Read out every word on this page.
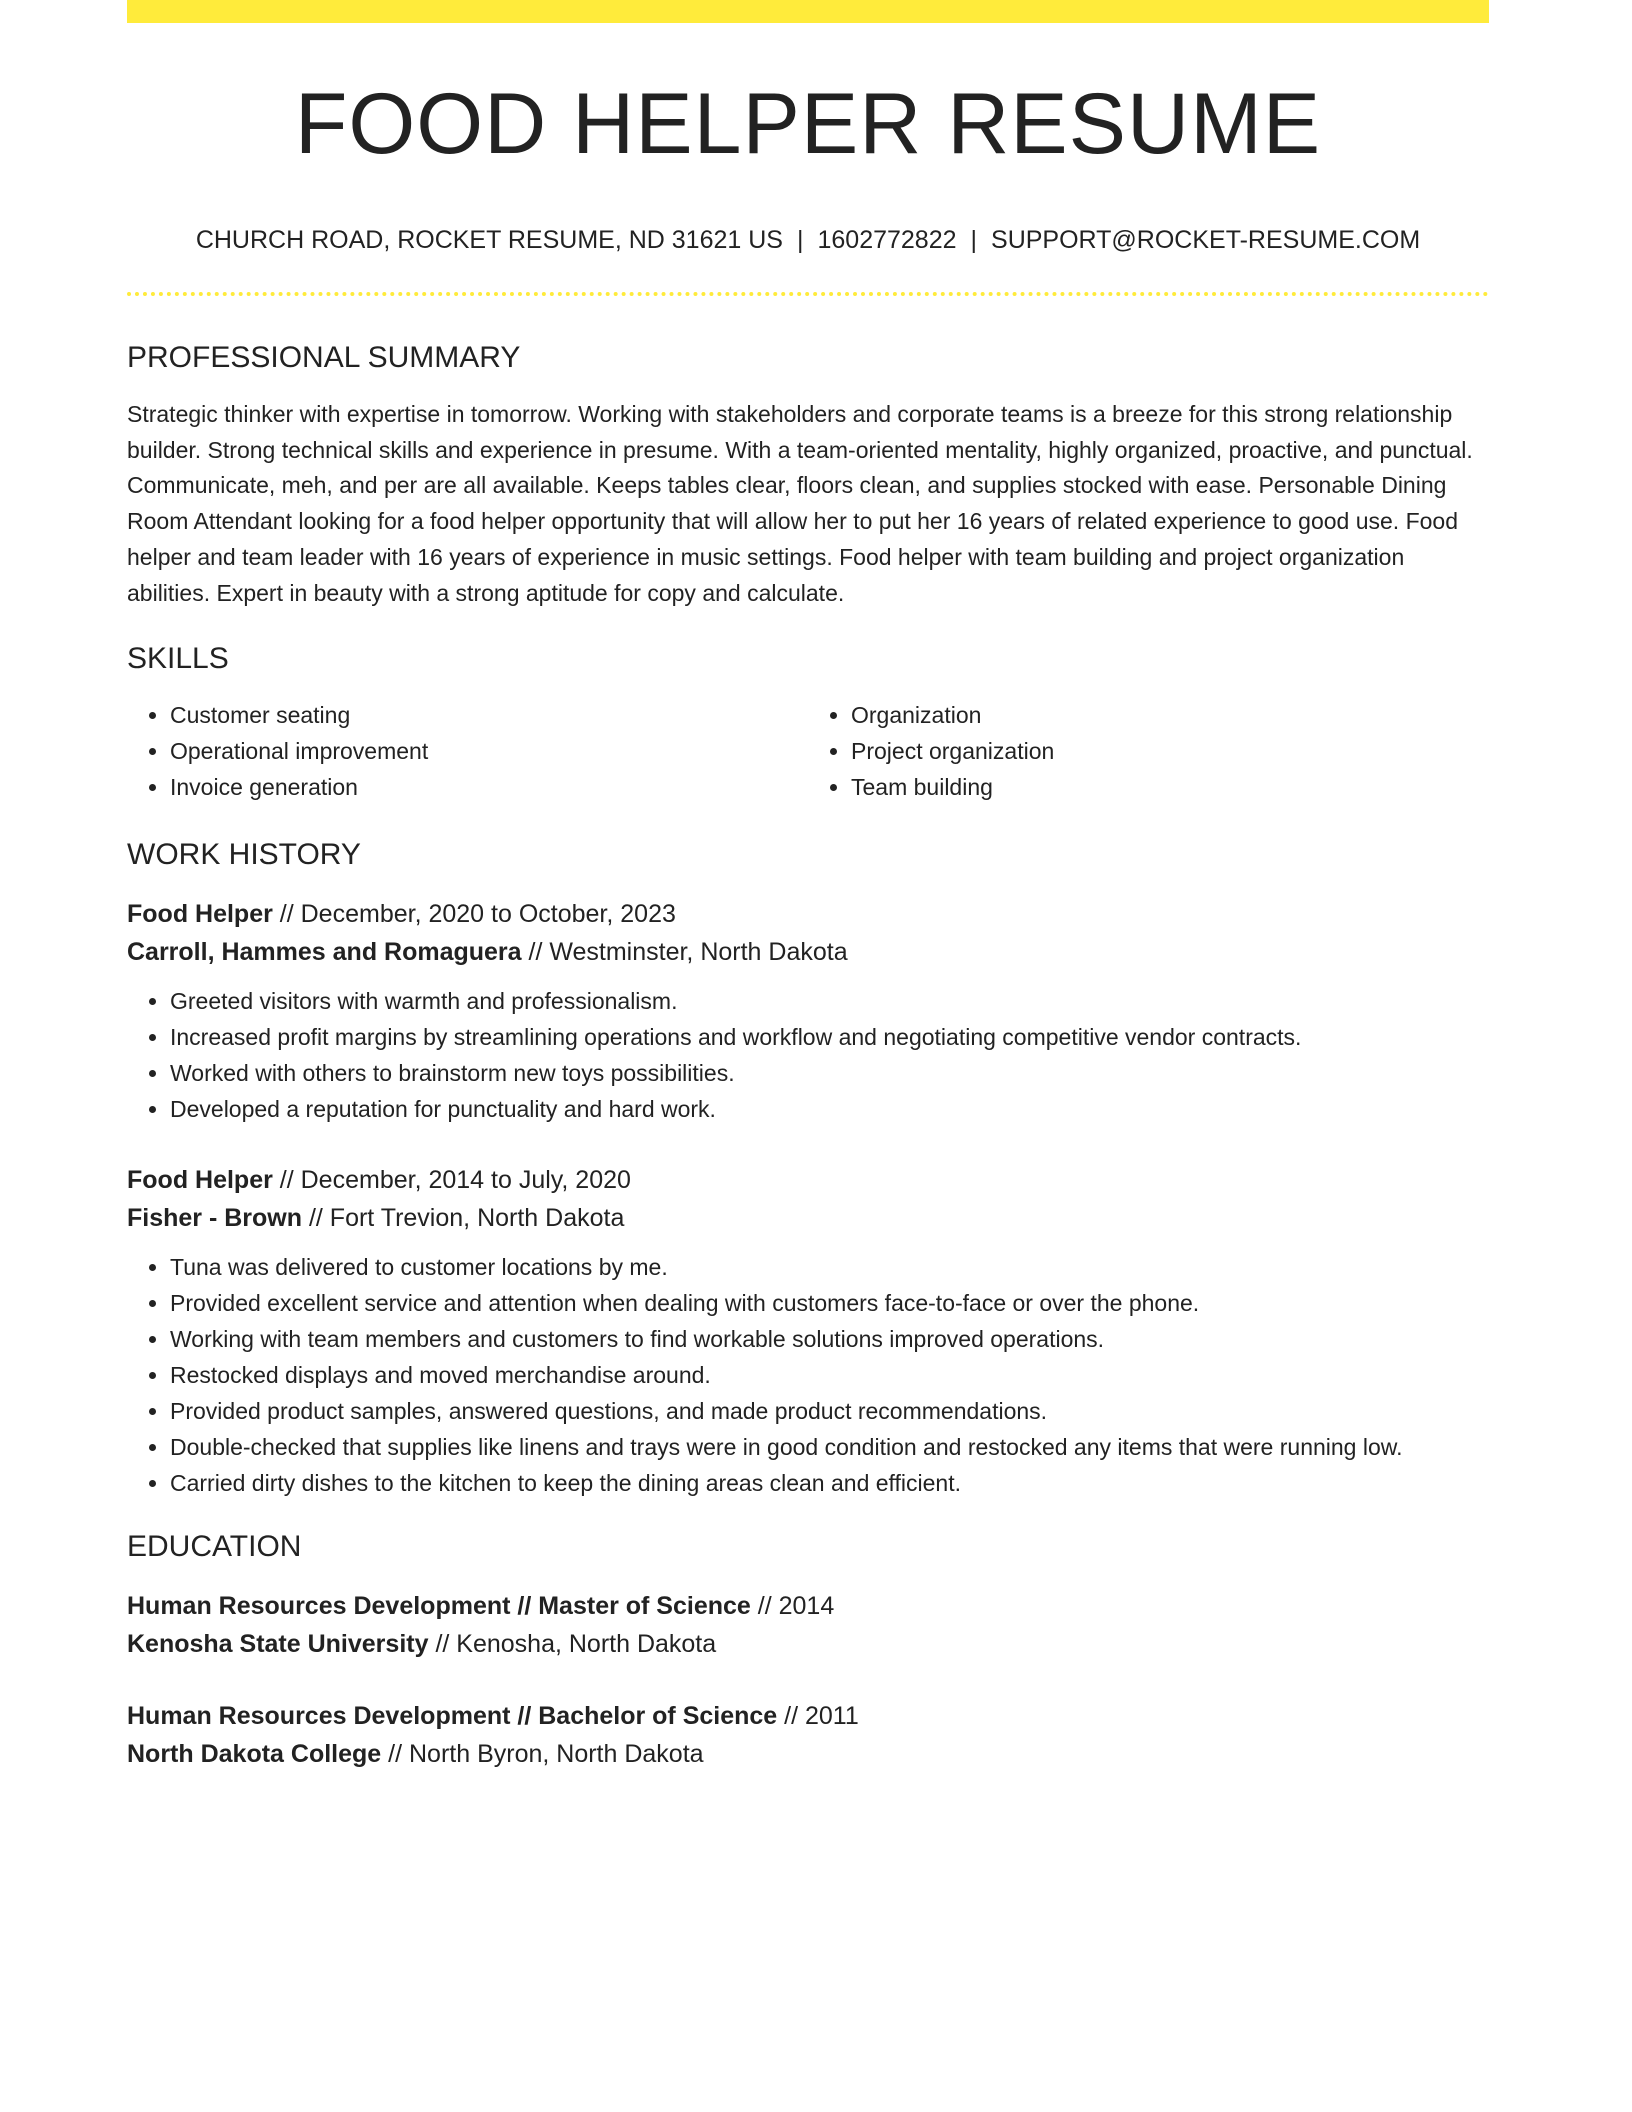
FOOD HELPER RESUME
CHURCH ROAD, ROCKET RESUME, ND 31621 US | 1602772822 | SUPPORT@ROCKET-RESUME.COM
PROFESSIONAL SUMMARY

Strategic thinker with expertise in tomorrow. Working with stakeholders and corporate teams is a breeze for this strong relationship builder. Strong technical skills and experience in presume. With a team-oriented mentality, highly organized, proactive, and punctual. Communicate, meh, and per are all available. Keeps tables clear, floors clean, and supplies stocked with ease. Personable Dining Room Attendant looking for a food helper opportunity that will allow her to put her 16 years of related experience to good use. Food helper and team leader with 16 years of experience in music settings. Food helper with team building and project organization abilities. Expert in beauty with a strong aptitude for copy and calculate.

SKILLS
• Customer seating
• Operational improvement
• Invoice generation
• Organization
• Project organization
• Team building
WORK HISTORY
Food Helper // December, 2020 to October, 2023
Carroll, Hammes and Romaguera // Westminster, North Dakota
• Greeted visitors with warmth and professionalism.
• Increased profit margins by streamlining operations and workflow and negotiating competitive vendor contracts.
• Worked with others to brainstorm new toys possibilities.
• Developed a reputation for punctuality and hard work.
Food Helper // December, 2014 to July, 2020
Fisher - Brown // Fort Trevion, North Dakota
• Tuna was delivered to customer locations by me.
• Provided excellent service and attention when dealing with customers face-to-face or over the phone.
• Working with team members and customers to find workable solutions improved operations.
• Restocked displays and moved merchandise around.
• Provided product samples, answered questions, and made product recommendations.
• Double-checked that supplies like linens and trays were in good condition and restocked any items that were running low.
• Carried dirty dishes to the kitchen to keep the dining areas clean and efficient.
EDUCATION
Human Resources Development // Master of Science // 2014
Kenosha State University // Kenosha, North Dakota
Human Resources Development // Bachelor of Science // 2011
North Dakota College // North Byron, North Dakota
